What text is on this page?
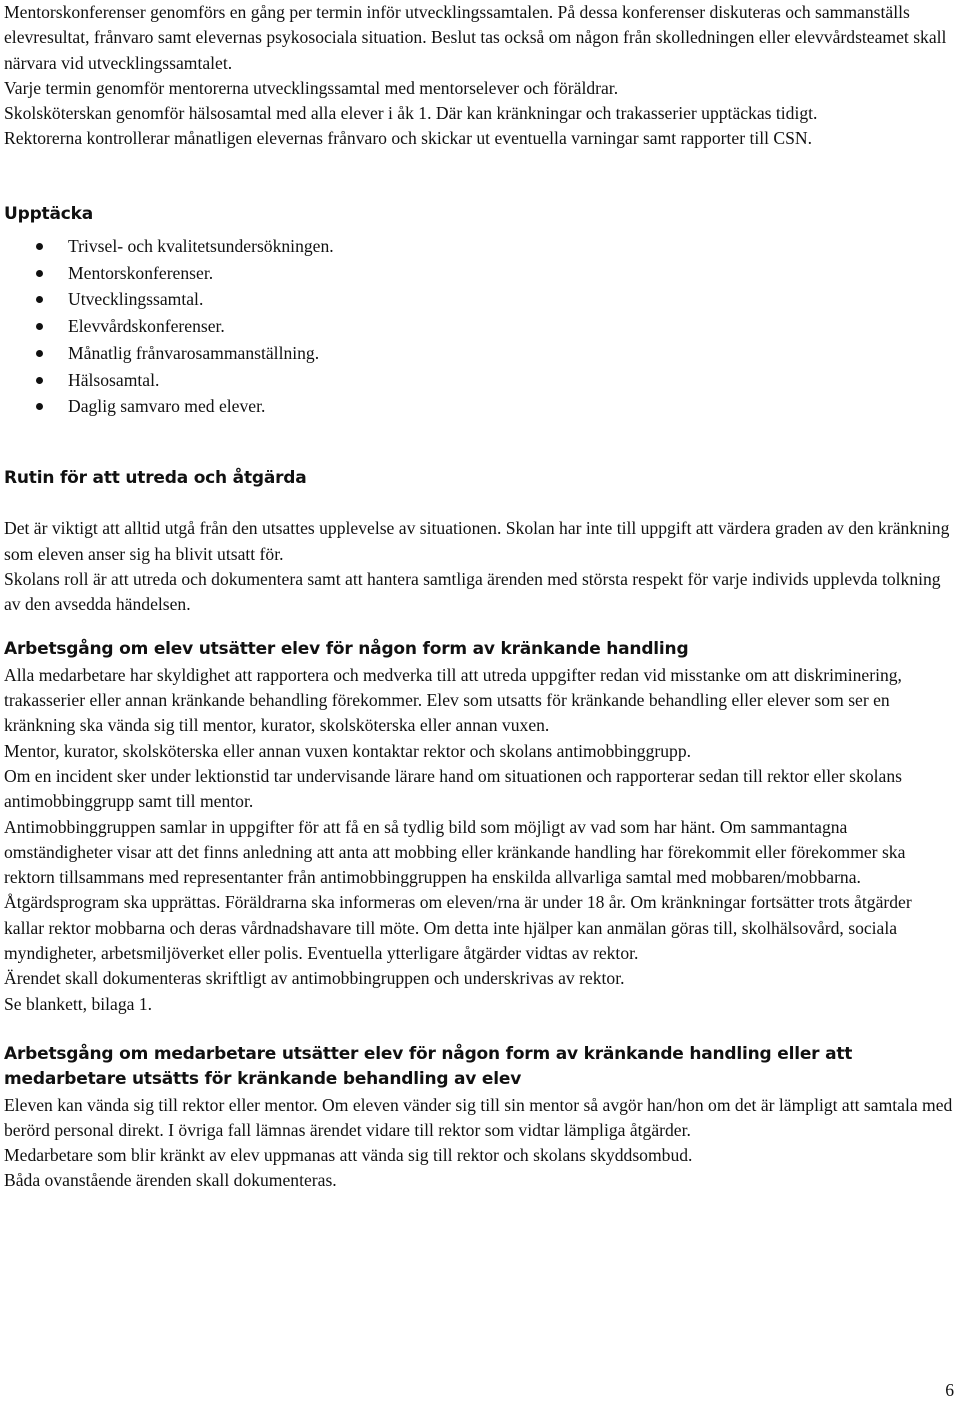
Mentorskonferenser genomförs en gång per termin inför utvecklingssamtalen. På dessa konferenser diskuteras och sammanställs elevresultat, frånvaro samt elevernas psykosociala situation. Beslut tas också om någon från skolledningen eller elevvårdsteamet skall närvara vid utvecklingssamtalet.

Varje termin genomför mentorerna utvecklingssamtal med mentorselever och föräldrar.

Skolsköterskan genomför hälsosamtal med alla elever i åk 1. Där kan kränkningar och trakasserier upptäckas tidigt.

Rektorerna kontrollerar månatligen elevernas frånvaro och skickar ut eventuella varningar samt rapporter till CSN.

Upptäcka
Trivsel- och kvalitetsundersökningen.
Mentorskonferenser.
Utvecklingssamtal.
Elevvårdskonferenser.
Månatlig frånvarosammanställning.
Hälsosamtal.
Daglig samvaro med elever.
Rutin för att utreda och åtgärda

Det är viktigt att alltid utgå från den utsattes upplevelse av situationen. Skolan har inte till uppgift att värdera graden av den kränkning som eleven anser sig ha blivit utsatt för.

Skolans roll är att utreda och dokumentera samt att hantera samtliga ärenden med största respekt för varje individs upplevda tolkning av den avsedda händelsen.

Arbetsgång om elev utsätter elev för någon form av kränkande handling

Alla medarbetare har skyldighet att rapportera och medverka till att utreda uppgifter redan vid misstanke om att diskriminering, trakasserier eller annan kränkande behandling förekommer. Elev som utsatts för kränkande behandling eller elever som ser en kränkning ska vända sig till mentor, kurator, skolsköterska eller annan vuxen.

Mentor, kurator, skolsköterska eller annan vuxen kontaktar rektor och skolans antimobbinggrupp.

Om en incident sker under lektionstid tar undervisande lärare hand om situationen och rapporterar sedan till rektor eller skolans antimobbinggrupp samt till mentor.

Antimobbinggruppen samlar in uppgifter för att få en så tydlig bild som möjligt av vad som har hänt. Om sammantagna omständigheter visar att det finns anledning att anta att mobbing eller kränkande handling har förekommit eller förekommer ska rektorn tillsammans med representanter från antimobbinggruppen ha enskilda allvarliga samtal med mobbaren/mobbarna. Åtgärdsprogram ska upprättas. Föräldrarna ska informeras om eleven/rna är under 18 år. Om kränkningar fortsätter trots åtgärder kallar rektor mobbarna och deras vårdnadshavare till möte. Om detta inte hjälper kan anmälan göras till, skolhälsovård, sociala myndigheter, arbetsmiljöverket eller polis. Eventuella ytterligare åtgärder vidtas av rektor.

Ärendet skall dokumenteras skriftligt av antimobbingruppen och underskrivas av rektor.

Se blankett, bilaga 1.

Arbetsgång om medarbetare utsätter elev för någon form av kränkande handling eller att medarbetare utsätts för kränkande behandling av elev

Eleven kan vända sig till rektor eller mentor. Om eleven vänder sig till sin mentor så avgör han/hon om det är lämpligt att samtala med berörd personal direkt. I övriga fall lämnas ärendet vidare till rektor som vidtar lämpliga åtgärder.

Medarbetare som blir kränkt av elev uppmanas att vända sig till rektor och skolans skyddsombud.

Båda ovanstående ärenden skall dokumenteras.

6
